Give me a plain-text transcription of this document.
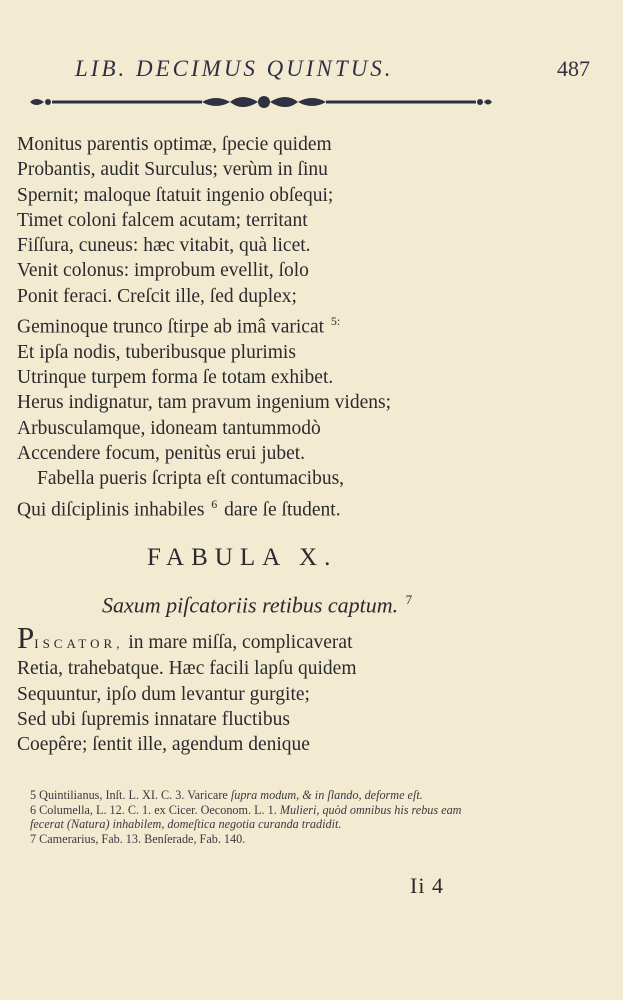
LIB. DECIMUS QUINTUS.	487
Monitus parentis optimæ, ſpecie quidem
Probantis, audit Surculus; verùm in ſinu
Spernit; maloque ſtatuit ingenio obſequi;
Timet coloni falcem acutam; territant
Fiſſura, cuneus: hæc vitabit, quà licet.
Venit colonus: improbum evellit, ſolo
Ponit feraci. Creſcit ille, ſed duplex;
Geminoque trunco ſtirpe ab imâ varicat $^{5:}$
Et ipſa nodis, tuberibusque plurimis
Utrinque turpem forma ſe totam exhibet.
Herus indignatur, tam pravum ingenium videns;
Arbusculamque, idoneam tantummodò
Accendere focum, penitùs erui jubet.
Fabella pueris ſcripta eſt contumacibus,
Qui diſciplinis inhabiles $^6$ dare ſe ſtudent.
FABULA X.
Saxum piſcatoriis retibus captum. $^7$
PISCATOR, in mare miſſa, complicaverat
Retia, trahebatque. Hæc facili lapſu quidem
Sequuntur, ipſo dum levantur gurgite;
Sed ubi ſupremis innatare fluctibus
Coepêre; ſentit ille, agendum denique
5 Quintilianus, Inſt. L. XI. C. 3. Varicare ſupra modum, & in ſlando, deforme eſt.
6 Columella, L. 12. C. 1. ex Cicer. Oeconom. L. 1. Mulieri, quòd omnibus his rebus eam fecerat (Natura) inhabilem, domeſtica negotia curanda tradidit.
7 Camerarius, Fab. 13. Benſerade, Fab. 140.
Ii 4
